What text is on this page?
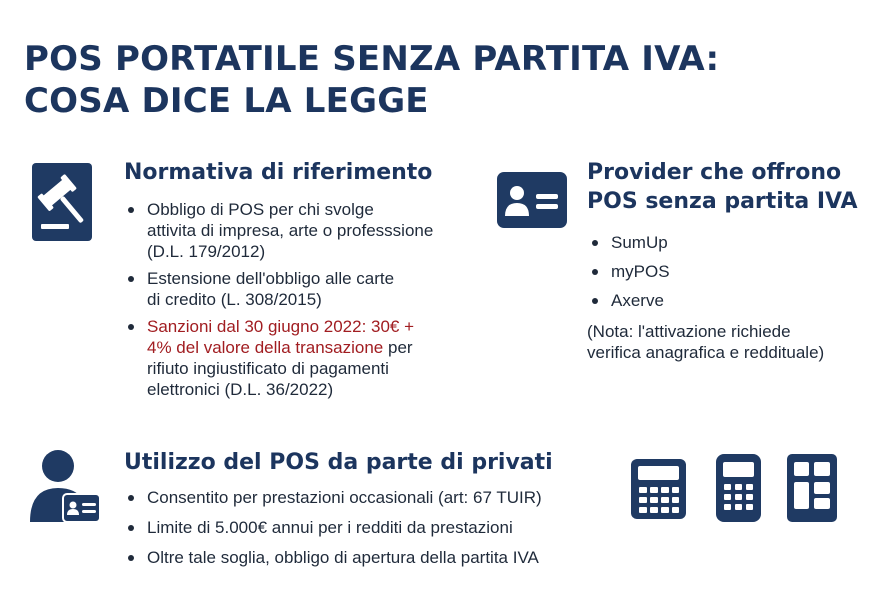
POS PORTATILE SENZA PARTITA IVA:
COSA DICE LA LEGGE
Normativa di riferimento
Obbligo di POS per chi svolge
attivita di impresa, arte o professsione
(D.L. 179/2012)
Estensione dell'obbligo alle carte
di credito (L. 308/2015)
Sanzioni dal 30 giugno 2022: 30€ +
4% del valore della transazione per
rifiuto ingiustificato di pagamenti
elettronici (D.L. 36/2022)
Provider che offrono
POS senza partita IVA
SumUp
myPOS
Axerve

(Nota: l'attivazione richiede
verifica anagrafica e reddituale)

Utilizzo del POS da parte di privati
Consentito per prestazioni occasionali (art: 67 TUIR)
Limite di 5.000€ annui per i redditi da prestazioni
Oltre tale soglia, obbligo di apertura della partita IVA
